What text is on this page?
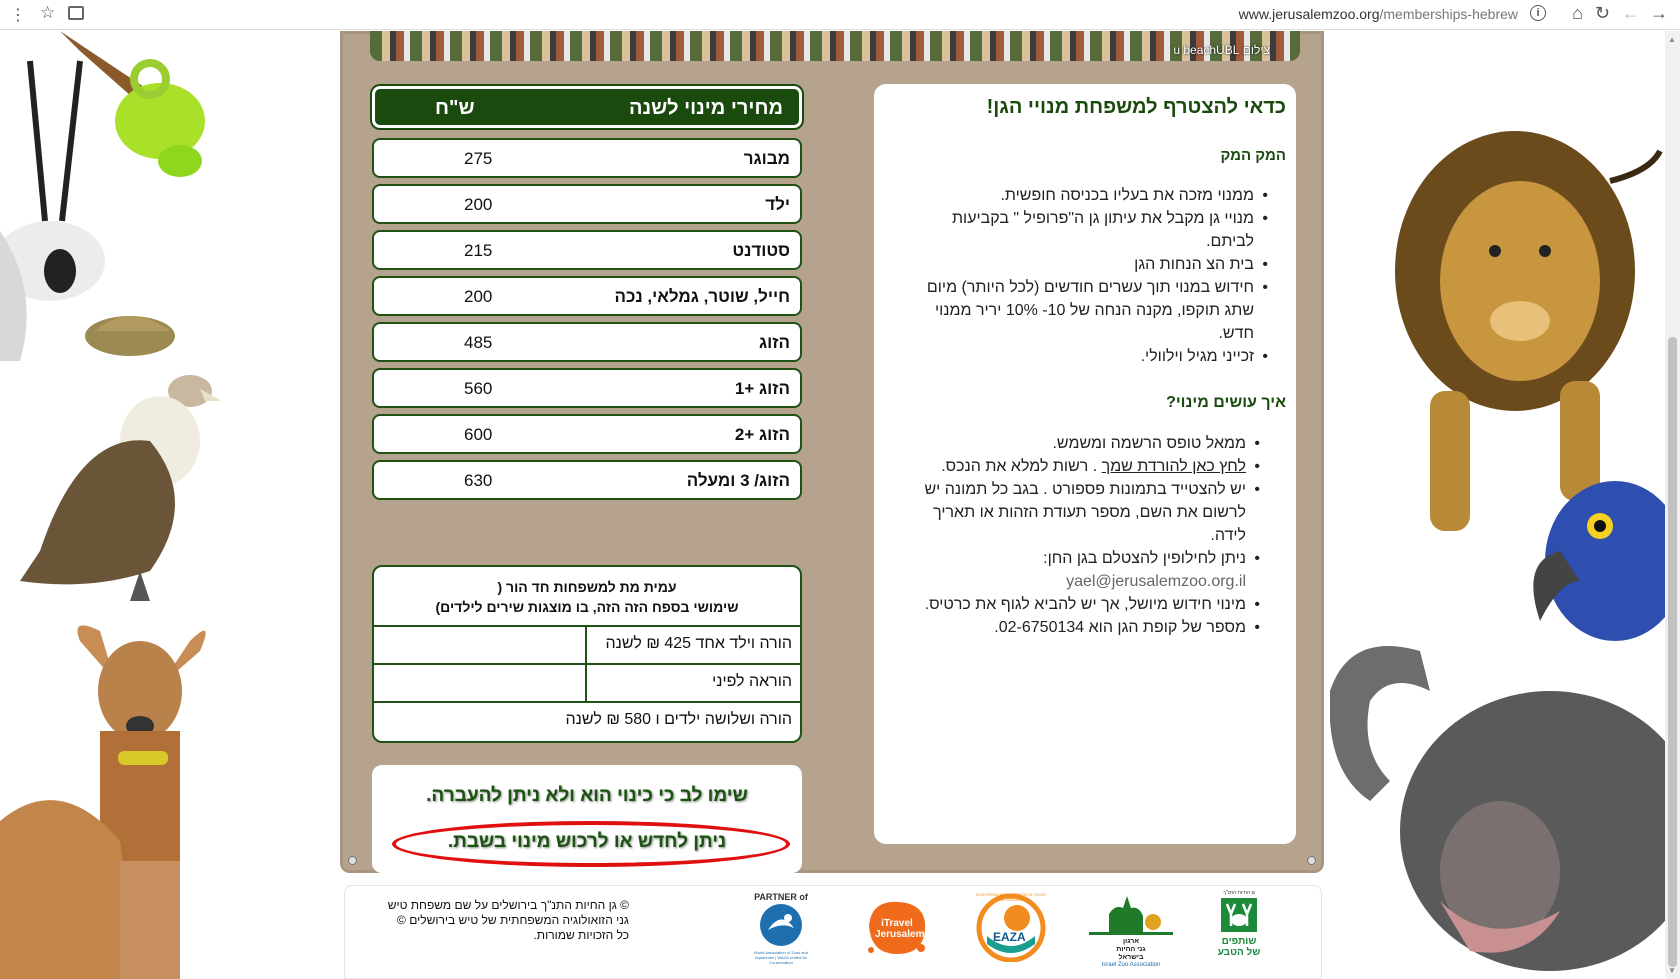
⋮ ☆	www.jerusalemzoo.org/memberships-hebrew	i	⌂ ↻ ← →
צילום u beachUBL
מחירי מינוי לשנה
ש"ח
מבוגר
275
ילד
200
סטודנט
215
חייל, שוטר, גמלאי, נכה
200
הזוג
485
הזוג +1
560
הזוג +2
600
הזוג/ 3 ומעלה
630
עמית מת למשפחות חד הור (
שימושי בספח הזה הזה, בו מוצגות שירים לילדים)
הורה וילד אחד 425 ₪ לשנה
הוראה לפיני
הורה ושלושה ילדים ו 580 ₪ לשנה
שימו לב כי כינוי הוא ולא ניתן להעברה.
ניתן לחדש או לרכוש מינוי בשבת.
כדאי להצטרף למשפחת מנויי הגן!
המק המק
• ממנוי מזכה את בעליו בכניסה חופשית.
• מנויי גן מקבל את עיתון גן ה"פרופיל " בקביעות לביתם.
• בית הצ הנחות הגן
• חידוש במנוי תוך עשרים חודשים (לכל היותר) מיום שתג תוקפו, מקנה הנחה של 10- 10% יריר ממנוי חדש.
• זכייני מגיל וילוולי.
איך עושים מינוי?
• ממאל טופס הרשמה ומשמש.
• לחץ כאן להורדת שמך . רשות למלא את הנכס.
• יש להצטייד בתמונות פספורט . בגב כל תמונה יש לרשום את השם, מספר תעודת הזהות או תאריך לידה.
• ניתן לחילופין להצטלם בגן החן:
yael@jerusalemzoo.org.il
• מינוי חידוש מיושל, אך יש להביא לגוף את כרטיס.
• מספר של קופת הגן הוא 02-6750134.
© גן החיות התנ"ך בירושלים על שם משפחת טיש
גני הזואולוגיה המשפחתית של טיש בירושלים ©
כל הזכויות שמורות.
PARTNER of
World Association of Zoos and Aquariums | WAZA United for Conservation
iTravel Jerusalem
EUROPEAN ASSOCIATION OF ZOOS AND AQUARIA
EAZA	ארגון
גני החיות
בישראל
Israel Zoo Association
גן החיות התנ"ך
שותפים
של הטבע
▲
▼
